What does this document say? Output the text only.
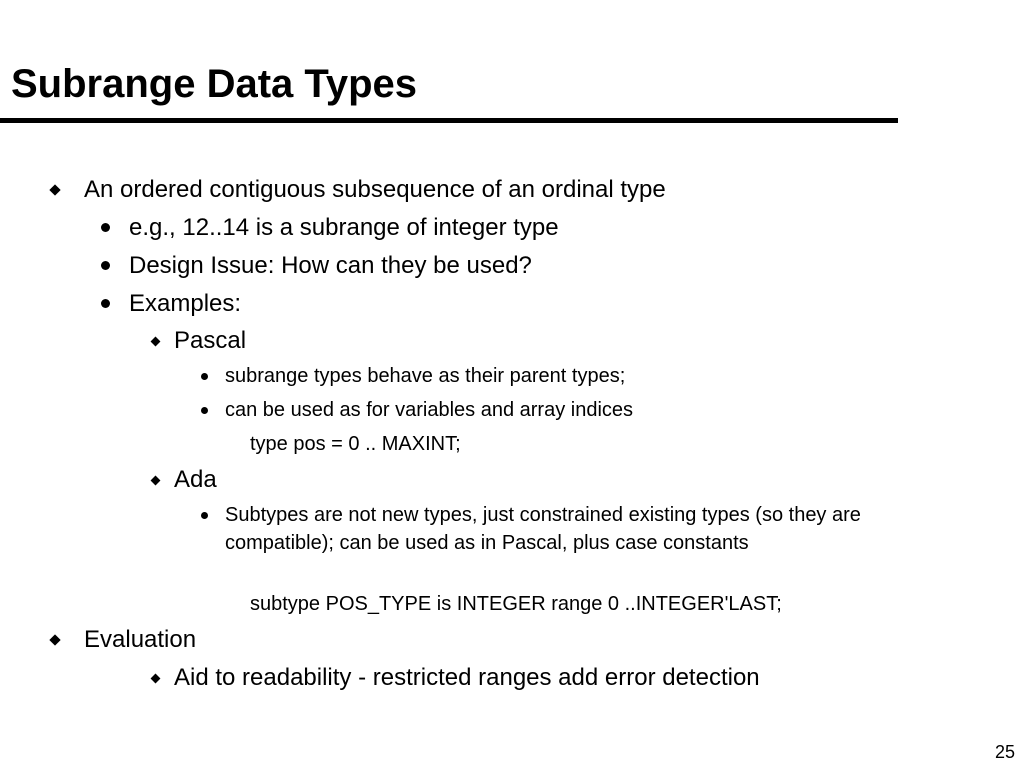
Subrange Data Types
An ordered contiguous subsequence of an ordinal type
e.g., 12..14 is a subrange of integer type
Design Issue: How can they be used?
Examples:
Pascal
subrange types behave as their parent types;
can be used as for variables and array indices
type pos = 0 .. MAXINT;
Ada
Subtypes are not new types, just constrained existing types (so they are compatible); can be used as in Pascal, plus case constants
subtype POS_TYPE is INTEGER range 0 ..INTEGER'LAST;
Evaluation
Aid to readability - restricted ranges add error detection
25
